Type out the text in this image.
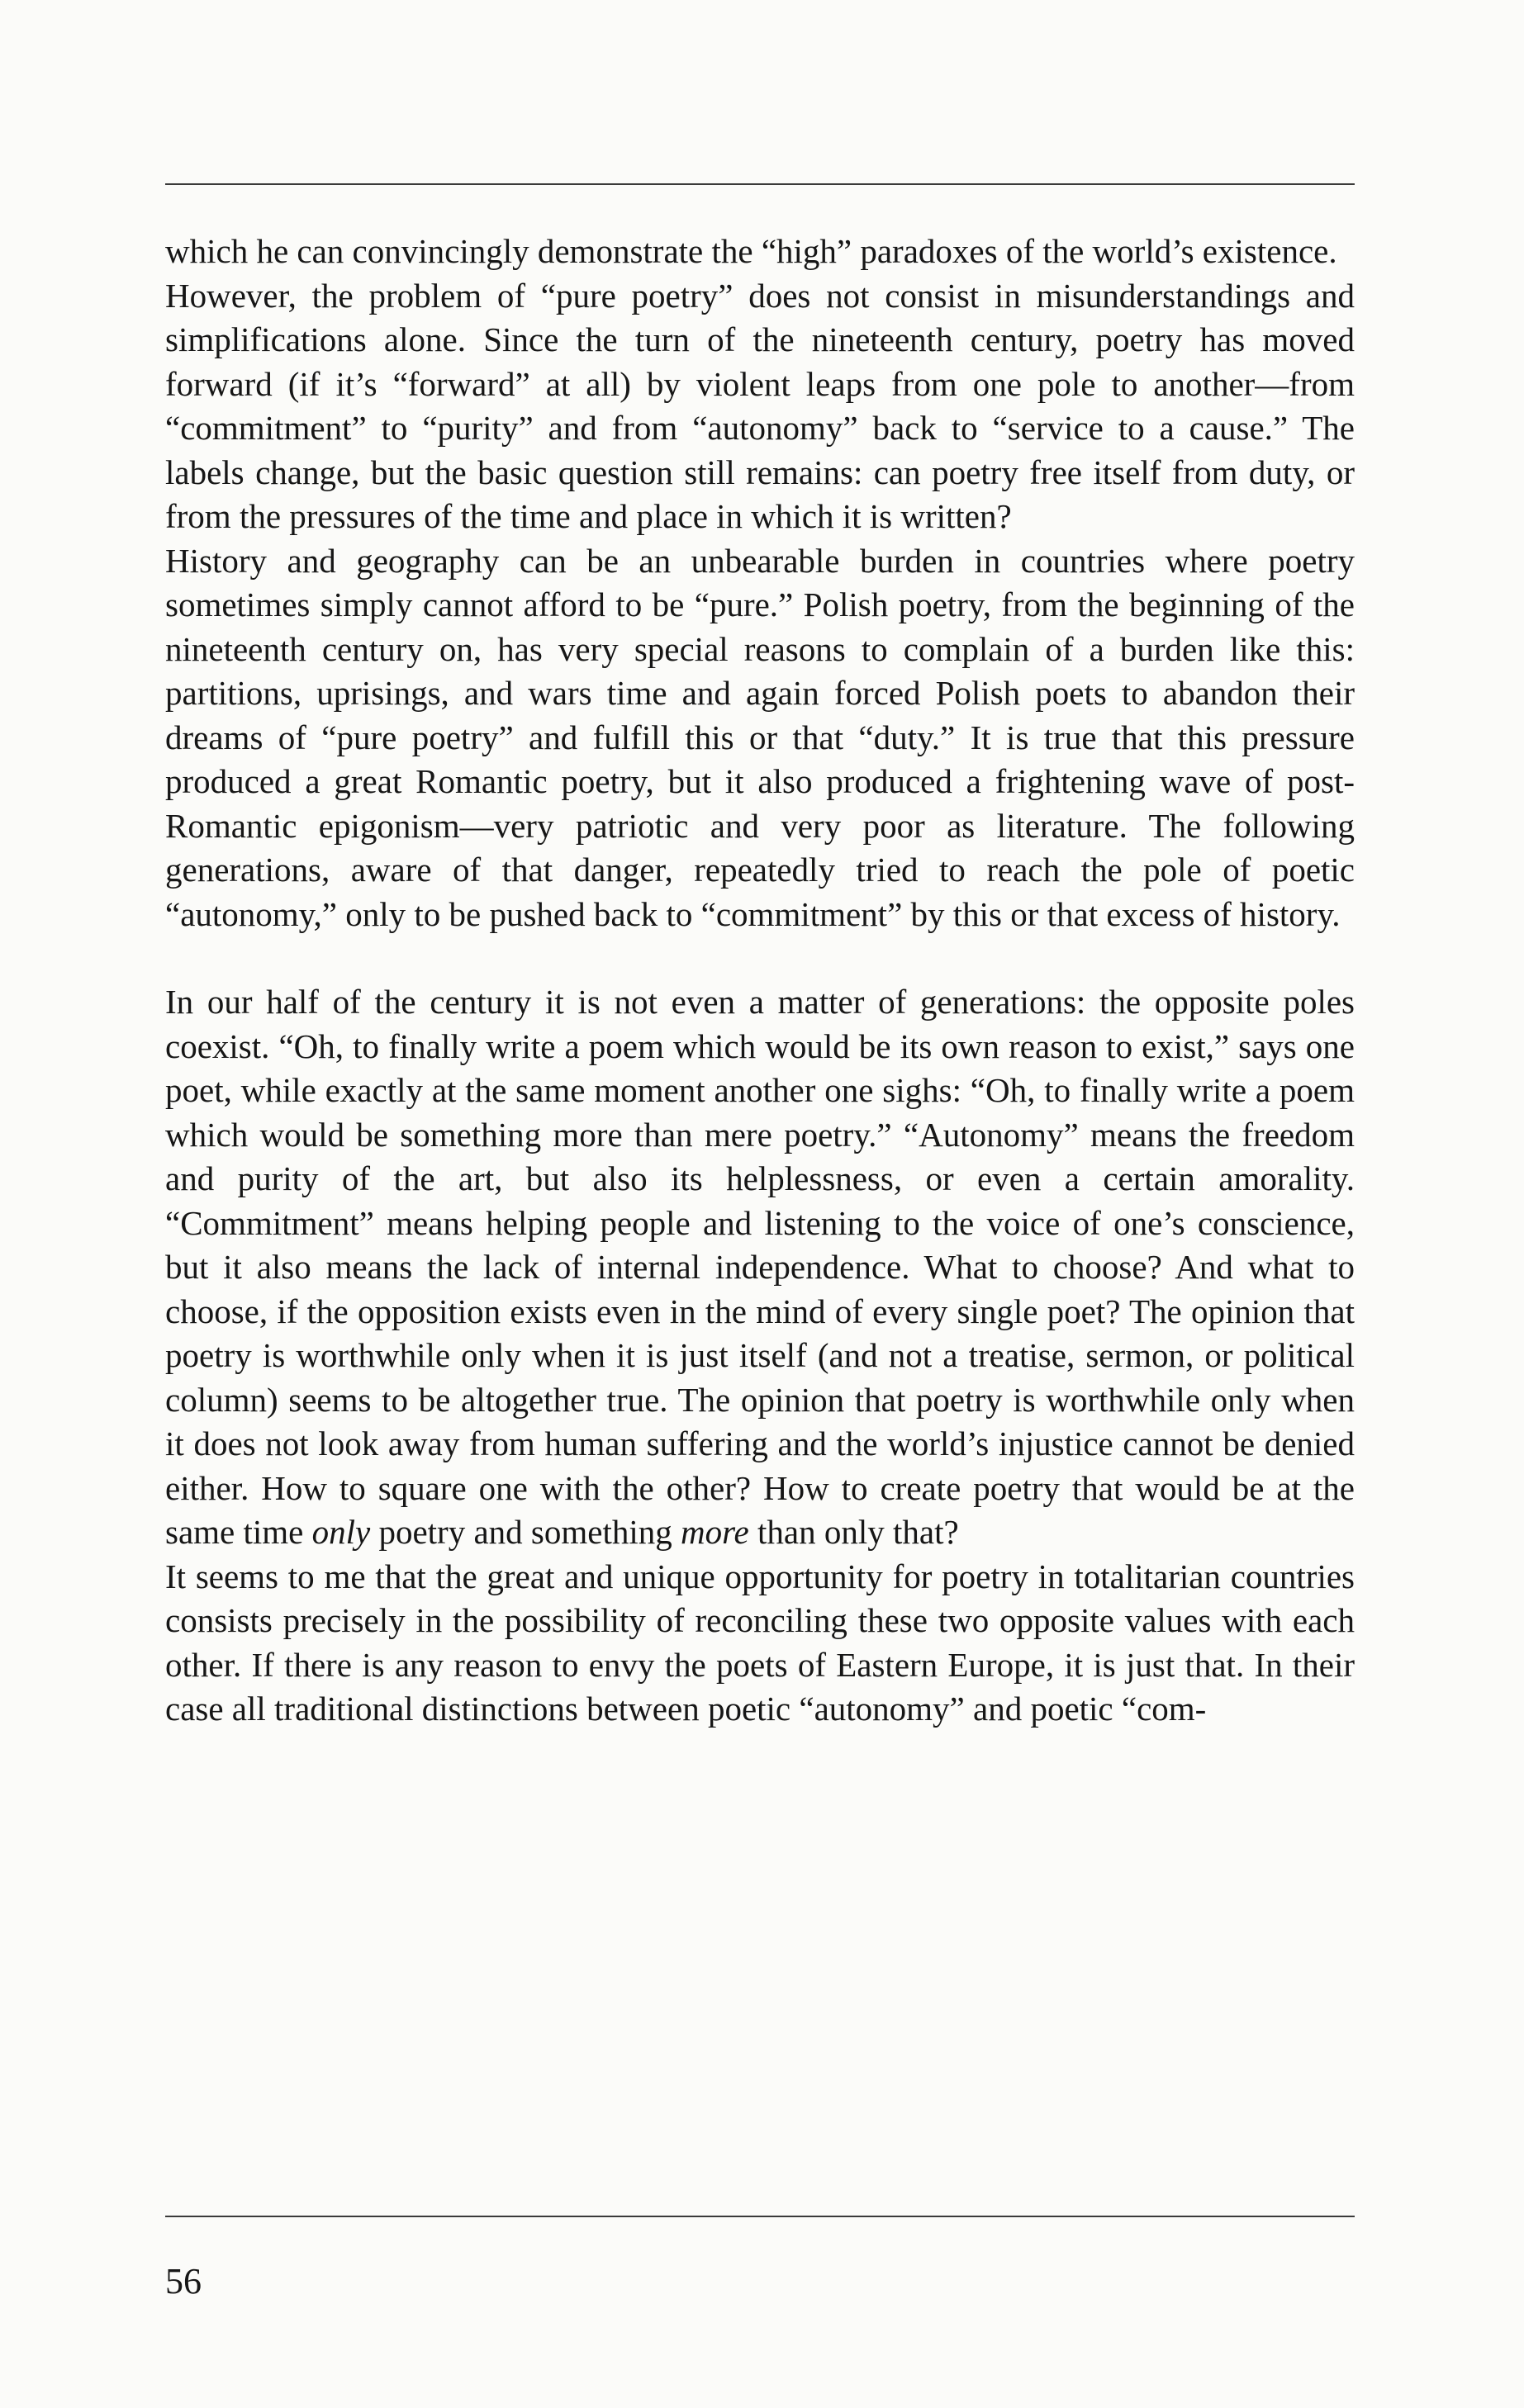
which he can convincingly demonstrate the “high” paradoxes of the world’s existence.

However, the problem of “pure poetry” does not consist in misunderstandings and simplifications alone. Since the turn of the nineteenth century, poetry has moved forward (if it’s “forward” at all) by violent leaps from one pole to another—from “commitment” to “purity” and from “autonomy” back to “service to a cause.” The labels change, but the basic question still remains: can poetry free itself from duty, or from the pressures of the time and place in which it is written?

History and geography can be an unbearable burden in countries where poetry sometimes simply cannot afford to be “pure.” Polish poetry, from the beginning of the nineteenth century on, has very special reasons to complain of a burden like this: partitions, uprisings, and wars time and again forced Polish poets to abandon their dreams of “pure poetry” and fulfill this or that “duty.” It is true that this pressure produced a great Romantic poetry, but it also produced a frightening wave of post-Romantic epigonism—very patriotic and very poor as literature. The following generations, aware of that danger, repeatedly tried to reach the pole of poetic “autonomy,” only to be pushed back to “commitment” by this or that excess of history.

In our half of the century it is not even a matter of generations: the opposite poles coexist. “Oh, to finally write a poem which would be its own reason to exist,” says one poet, while exactly at the same moment another one sighs: “Oh, to finally write a poem which would be something more than mere poetry.” “Autonomy” means the freedom and purity of the art, but also its helplessness, or even a certain amorality. “Commitment” means helping people and listening to the voice of one’s conscience, but it also means the lack of internal independence. What to choose? And what to choose, if the opposition exists even in the mind of every single poet? The opinion that poetry is worthwhile only when it is just itself (and not a treatise, sermon, or political column) seems to be altogether true. The opinion that poetry is worthwhile only when it does not look away from human suffering and the world’s injustice cannot be denied either. How to square one with the other? How to create poetry that would be at the same time only poetry and something more than only that?

It seems to me that the great and unique opportunity for poetry in totalitarian countries consists precisely in the possibility of reconciling these two opposite values with each other. If there is any reason to envy the poets of Eastern Europe, it is just that. In their case all traditional distinctions between poetic “autonomy” and poetic “com-

56
